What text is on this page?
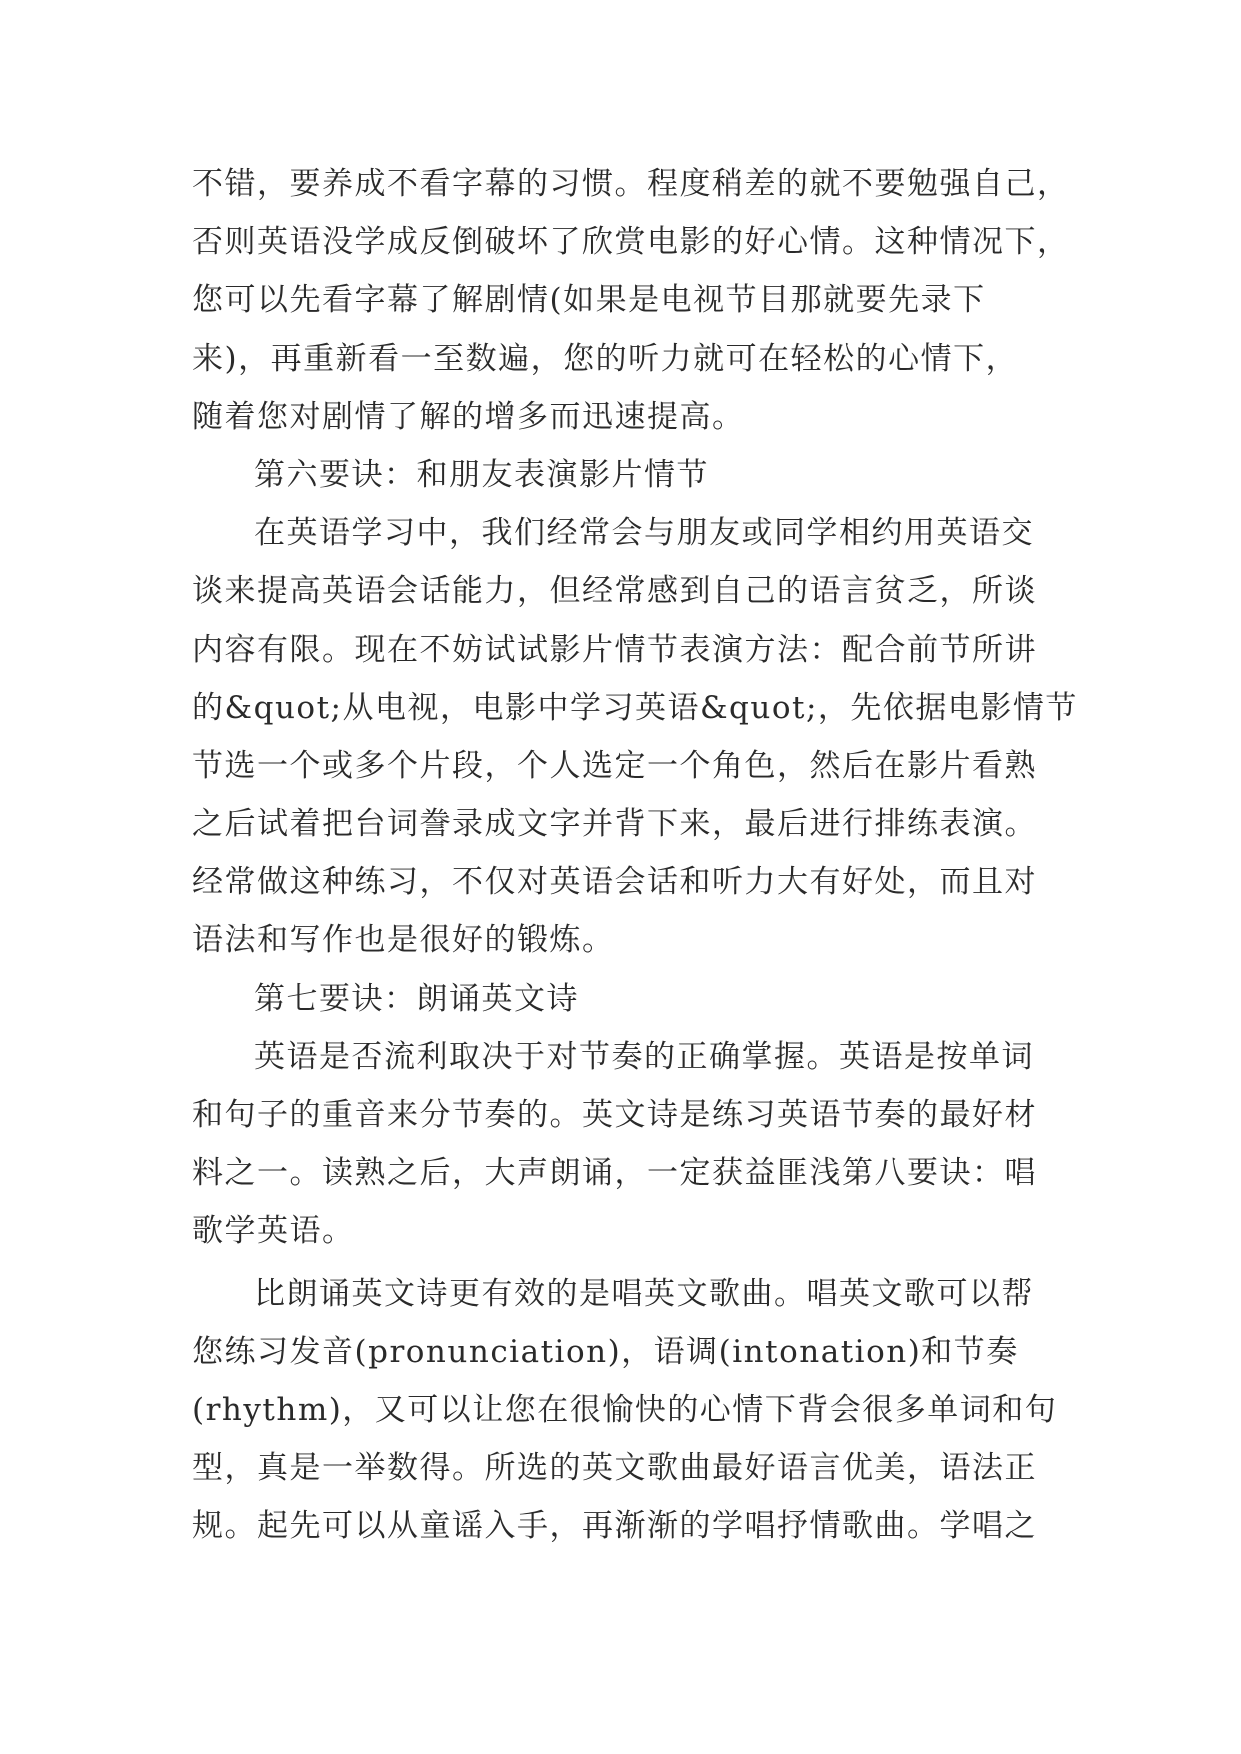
不错，要养成不看字幕的习惯。程度稍差的就不要勉强自己，
否则英语没学成反倒破坏了欣赏电影的好心情。这种情况下，
您可以先看字幕了解剧情(如果是电视节目那就要先录下
来)，再重新看一至数遍，您的听力就可在轻松的心情下，
随着您对剧情了解的增多而迅速提高。
第六要诀：和朋友表演影片情节
在英语学习中，我们经常会与朋友或同学相约用英语交
谈来提高英语会话能力，但经常感到自己的语言贫乏，所谈
内容有限。现在不妨试试影片情节表演方法：配合前节所讲
的&quot;从电视，电影中学习英语&quot;，先依据电影情节
节选一个或多个片段，个人选定一个角色，然后在影片看熟
之后试着把台词誊录成文字并背下来，最后进行排练表演。
经常做这种练习，不仅对英语会话和听力大有好处，而且对
语法和写作也是很好的锻炼。
第七要诀：朗诵英文诗
英语是否流利取决于对节奏的正确掌握。英语是按单词
和句子的重音来分节奏的。英文诗是练习英语节奏的最好材
料之一。读熟之后，大声朗诵，一定获益匪浅第八要诀：唱
歌学英语。
比朗诵英文诗更有效的是唱英文歌曲。唱英文歌可以帮
您练习发音(pronunciation)，语调(intonation)和节奏
(rhythm)，又可以让您在很愉快的心情下背会很多单词和句
型，真是一举数得。所选的英文歌曲最好语言优美，语法正
规。起先可以从童谣入手，再渐渐的学唱抒情歌曲。学唱之
